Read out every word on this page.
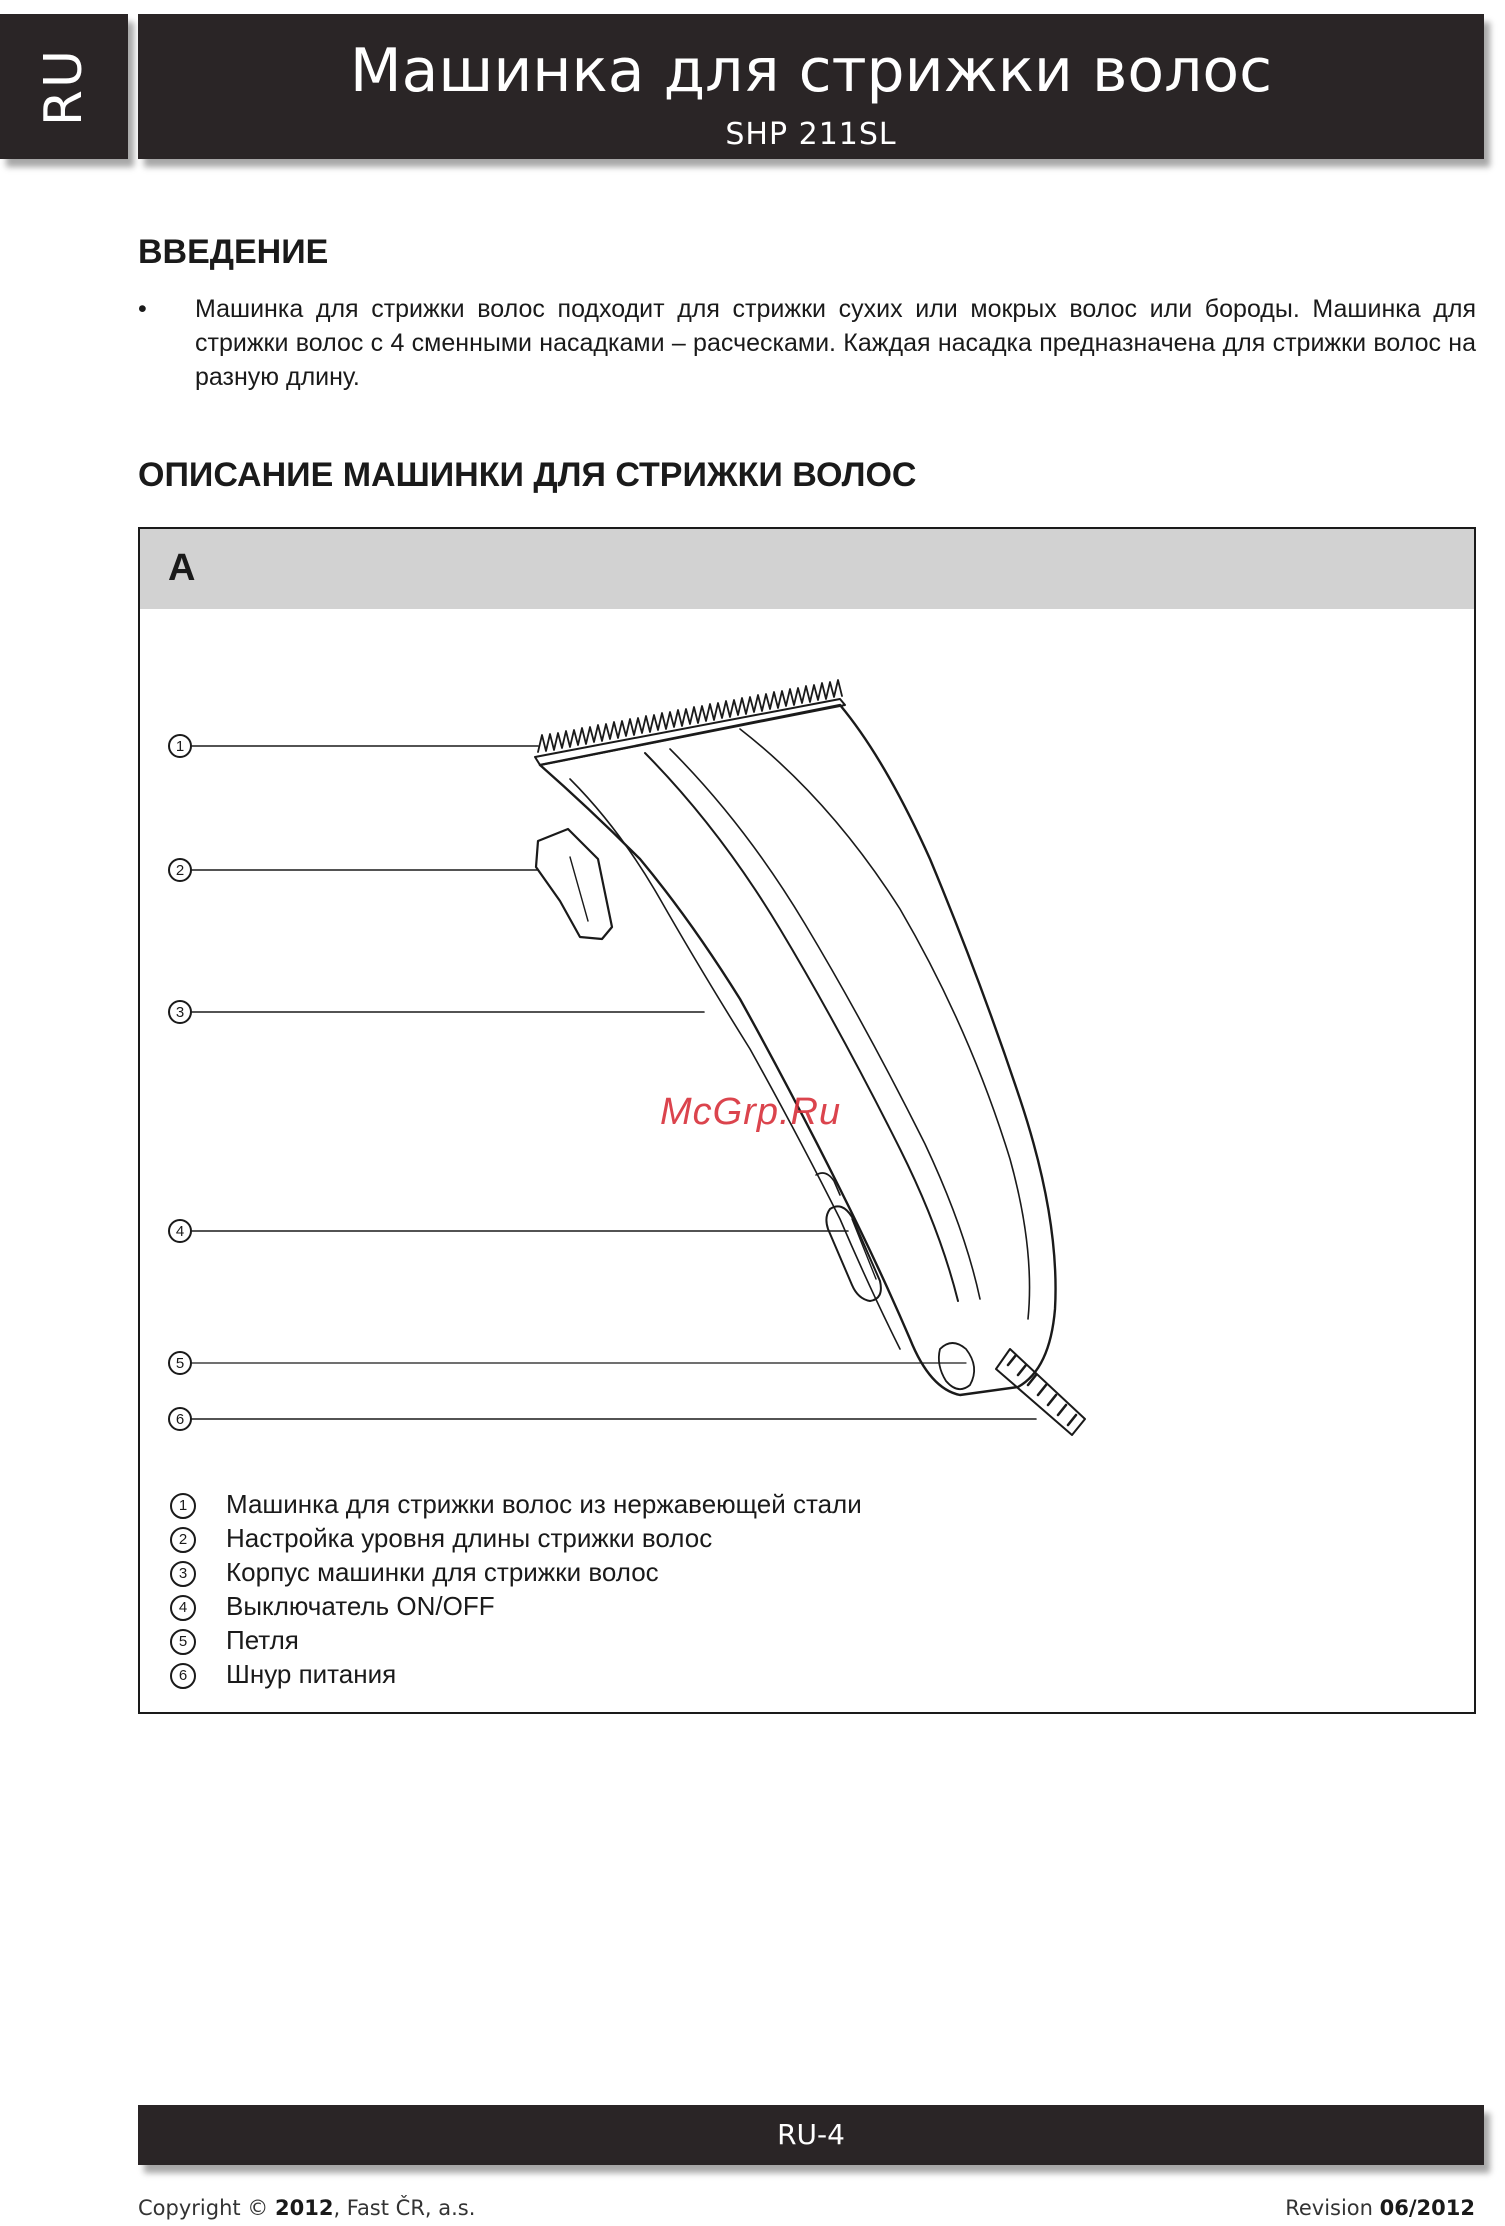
RU	Машинка для стрижки волос
SHP 211SL
ВВЕДЕНИЕ
• Машинка для стрижки волос подходит для стрижки сухих или мокрых волос или бороды. Машинка для стрижки волос с 4 сменными насадками – расческами. Каждая насадка предназначена для стрижки волос на разную длину.
ОПИСАНИЕ МАШИНКИ ДЛЯ СТРИЖКИ ВОЛОС
A
1
2
3
4
5
6
1 Машинка для стрижки волос из нержавеющей стали
2 Настройка уровня длины стрижки волос
3 Корпус машинки для стрижки волос
4 Выключатель ON/OFF
5 Петля
6 Шнур питания
McGrp.Ru
RU-4
Copyright © 2012, Fast ČR, a.s.	Revision 06/2012
